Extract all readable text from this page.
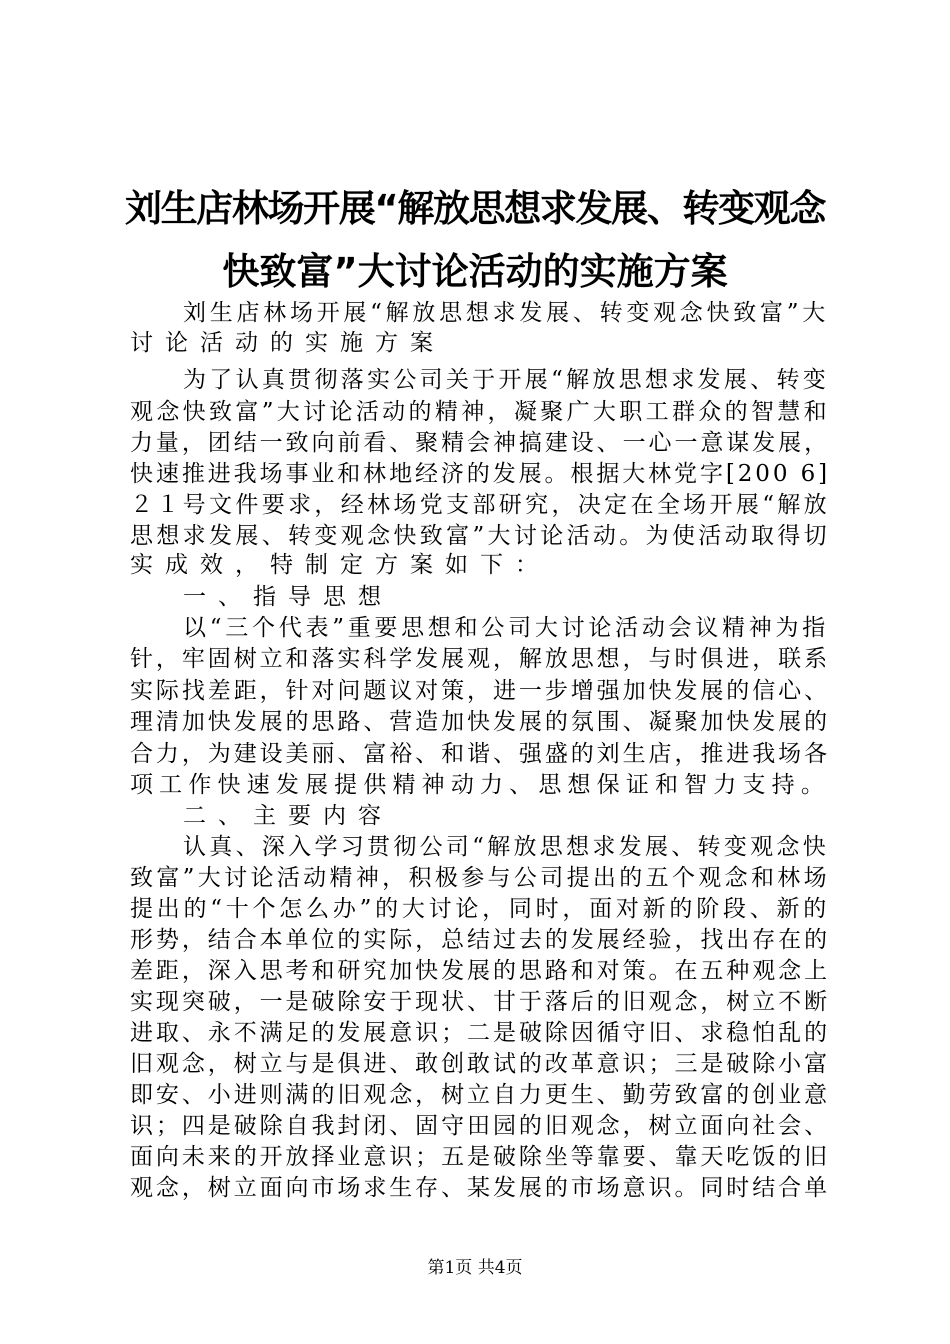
刘生店林场开展“解放思想求发展、转变观念
快致富”大讨论活动的实施方案
刘生店林场开展“解放思想求发展、转变观念快致富”大
讨论活动的实施方案
为了认真贯彻落实公司关于开展“解放思想求发展、转变
观念快致富”大讨论活动的精神，凝聚广大职工群众的智慧和
力量，团结一致向前看、聚精会神搞建设、一心一意谋发展，
快速推进我场事业和林地经济的发展。根据大林党字[200 6]
２１号文件要求，经林场党支部研究，决定在全场开展“解放
思想求发展、转变观念快致富”大讨论活动。为使活动取得切
实成效，特制定方案如下：
一、指导思想
以“三个代表”重要思想和公司大讨论活动会议精神为指
针，牢固树立和落实科学发展观，解放思想，与时俱进，联系
实际找差距，针对问题议对策，进一步增强加快发展的信心、
理清加快发展的思路、营造加快发展的氛围、凝聚加快发展的
合力，为建设美丽、富裕、和谐、强盛的刘生店，推进我场各
项工作快速发展提供精神动力、思想保证和智力支持。
二、主要内容
认真、深入学习贯彻公司“解放思想求发展、转变观念快
致富”大讨论活动精神，积极参与公司提出的五个观念和林场
提出的“十个怎么办”的大讨论，同时，面对新的阶段、新的
形势，结合本单位的实际，总结过去的发展经验，找出存在的
差距，深入思考和研究加快发展的思路和对策。在五种观念上
实现突破，一是破除安于现状、甘于落后的旧观念，树立不断
进取、永不满足的发展意识；二是破除因循守旧、求稳怕乱的
旧观念，树立与是俱进、敢创敢试的改革意识；三是破除小富
即安、小进则满的旧观念，树立自力更生、勤劳致富的创业意
识；四是破除自我封闭、固守田园的旧观念，树立面向社会、
面向未来的开放择业意识；五是破除坐等靠要、靠天吃饭的旧
观念，树立面向市场求生存、某发展的市场意识。同时结合单
第1页 共4页
